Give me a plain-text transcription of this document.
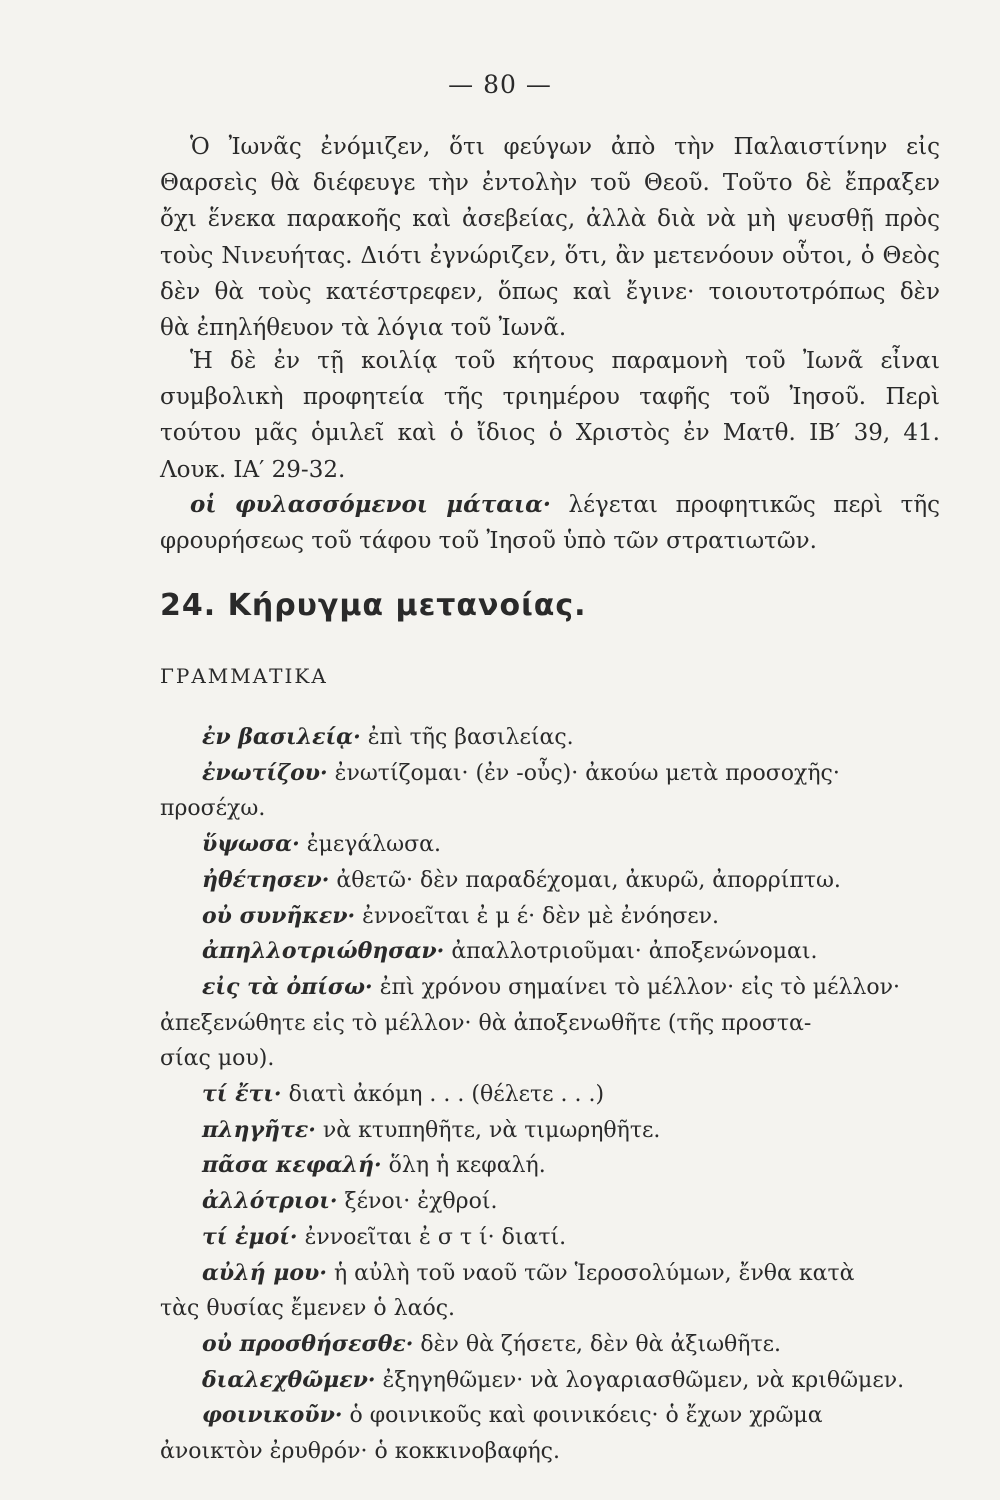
— 80 —
Ὁ Ἰωνᾶς ἐνόμιζεν, ὅτι φεύγων ἀπὸ τὴν Παλαιστίνην εἰς
Θαρσεὶς θὰ διέφευγε τὴν ἐντολὴν τοῦ Θεοῦ. Τοῦτο δὲ ἔπραξεν
ὄχι ἕνεκα παρακοῆς καὶ ἀσεβείας, ἀλλὰ διὰ νὰ μὴ ψευσθῇ πρὸς
τοὺς Νινευήτας. Διότι ἐγνώριζεν, ὅτι, ἂν μετενόουν οὗτοι, ὁ Θεὸς
δὲν θὰ τοὺς κατέστρεφεν, ὅπως καὶ ἔγινε· τοιουτοτρόπως δὲν
θὰ ἐπηλήθευον τὰ λόγια τοῦ Ἰωνᾶ.
Ἡ δὲ ἐν τῇ κοιλίᾳ τοῦ κήτους παραμονὴ τοῦ Ἰωνᾶ εἶναι
συμβολικὴ προφητεία τῆς τριημέρου ταφῆς τοῦ Ἰησοῦ. Περὶ
τούτου μᾶς ὁμιλεῖ καὶ ὁ ἴδιος ὁ Χριστὸς ἐν Ματθ. ΙΒ′ 39, 41.
Λουκ. ΙΑ′ 29-32.
οἱ φυλασσόμενοι μάταια· λέγεται προφητικῶς περὶ τῆς
φρουρήσεως τοῦ τάφου τοῦ Ἰησοῦ ὑπὸ τῶν στρατιωτῶν.
24. Κήρυγμα μετανοίας.
ΓΡΑΜΜΑΤΙΚΑ
ἐν βασιλείᾳ· ἐπὶ τῆς βασιλείας.
ἐνωτίζου· ἐνωτίζομαι· (ἐν -οὖς)· ἀκούω μετὰ προσοχῆς·
προσέχω.
ὕψωσα· ἐμεγάλωσα.
ἠθέτησεν· ἀθετῶ· δὲν παραδέχομαι, ἀκυρῶ, ἀπορρίπτω.
οὐ συνῆκεν· ἐννοεῖται ἐ μ έ· δὲν μὲ ἐνόησεν.
ἀπηλλοτριώθησαν· ἀπαλλοτριοῦμαι· ἀποξενώνομαι.
εἰς τὰ ὀπίσω· ἐπὶ χρόνου σημαίνει τὸ μέλλον· εἰς τὸ μέλλον·
ἀπεξενώθητε εἰς τὸ μέλλον· θὰ ἀποξενωθῆτε (τῆς προστα-
σίας μου).
τί ἔτι· διατὶ ἀκόμη . . . (θέλετε . . .)
πληγῆτε· νὰ κτυπηθῆτε, νὰ τιμωρηθῆτε.
πᾶσα κεφαλή· ὅλη ἡ κεφαλή.
ἀλλότριοι· ξένοι· ἐχθροί.
τί ἐμοί· ἐννοεῖται ἐ σ τ ί· διατί.
αὐλή μου· ἡ αὐλὴ τοῦ ναοῦ τῶν Ἱεροσολύμων, ἔνθα κατὰ
τὰς θυσίας ἔμενεν ὁ λαός.
οὐ προσθήσεσθε· δὲν θὰ ζήσετε, δὲν θὰ ἀξιωθῆτε.
διαλεχθῶμεν· ἐξηγηθῶμεν· νὰ λογαριασθῶμεν, νὰ κριθῶμεν.
φοινικοῦν· ὁ φοινικοῦς καὶ φοινικόεις· ὁ ἔχων χρῶμα
ἀνοικτὸν ἐρυθρόν· ὁ κοκκινοβαφής.
